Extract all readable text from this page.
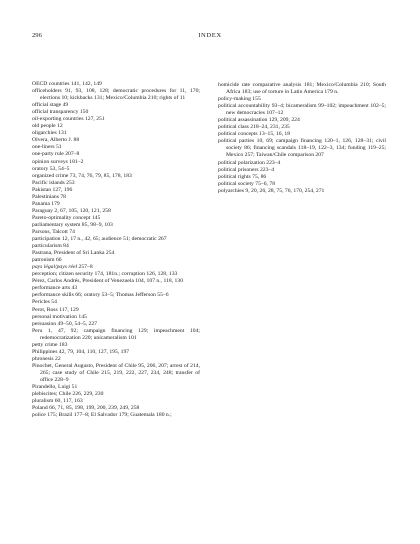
296	INDEX

OECD countries 141, 142, 149

officeholders 91, 93, 108, 128; democratic procedures for 11, 170; elections 10; kickbacks 131; Mexico/Columbia 210; rights of 11

official stage 49

official transparency 150

oil-exporting countries 127, 251

old people 12

oligarchies 131

Olvera, Alberto J. 88

one-liners 51

one-party rule 207–8

opinion surveys 181–2

oratory 53, 54–5

organized crime 73, 74, 76, 79, 85, 178, 183

Pacific islands 253

Pakistan 127, 196

Palestinians 78

Panama 179

Paraguay 2, 67, 105, 120, 121, 258

Pareto-optimality concept 145

parliamentary system 85, 98–9, 103

Parsons, Talcott 74

participation 12, 17 n., 42, 65; audience 51; democratic 267

particularism 84

Pastrana, President of Sri Lanka 254

patronism 66

pays légal/pays réel 257–8

perception; citizen security 174, 181n.; corruption 126, 128, 133

Pérez, Carlos Andrés, President of Venezuela 104, 107 n., 118, 130

performance arts 43

performance skills 66; oratory 53–5; Thomas Jefferson 55–6

Pericles 54

Perot, Ross 117, 129

personal motivation 145

persuasion 49–50, 54–5, 227

Peru 1, 47, 92; campaign financing 129; impeachment 104; redemocratization 220; unicameralism 101

petty crime 183

Philippines 42, 79, 104, 110, 127, 195, 197

phronesis 22

Pinochet, General Augusto, President of Chile 95, 206, 207; arrest of 214, 265; case study of Chile 215, 219, 222, 227, 234, 248; transfer of office 228–9

Pirandello, Luigi 51

plebiscites; Chile 226, 229, 230

pluralism 60, 117, 163

Poland 66, 71, 85, 198, 199, 200, 239, 249, 258

police 175; Brazil 177–8; El Salvador 179; Guatemala 180 n.;

homicide rate comparative analysis 181; Mexico/Columbia 210; South Africa 183; use of torture in Latin America 179 n.

policy-making 155

political accountability 93–4; bicameralism 99–102; impeachment 102–5; new democracies 107–12

political assassination 129, 209, 224

political class 218–24, 231, 235

political concepts 13–15, 16, 18

political parties 10, 69; campaign financing 120–1, 126, 128–31; civil society 86; financing scandals 118–19, 122–3, 134; funding 119–25; Mexico 257; Taiwan/Chile comparison 207

political polarization 223–4

political prisoners 223–4

political rights 75, 86

political society 75–6, 78

polyarchies 9, 20, 26, 28, 75, 76, 170, 254, 271
